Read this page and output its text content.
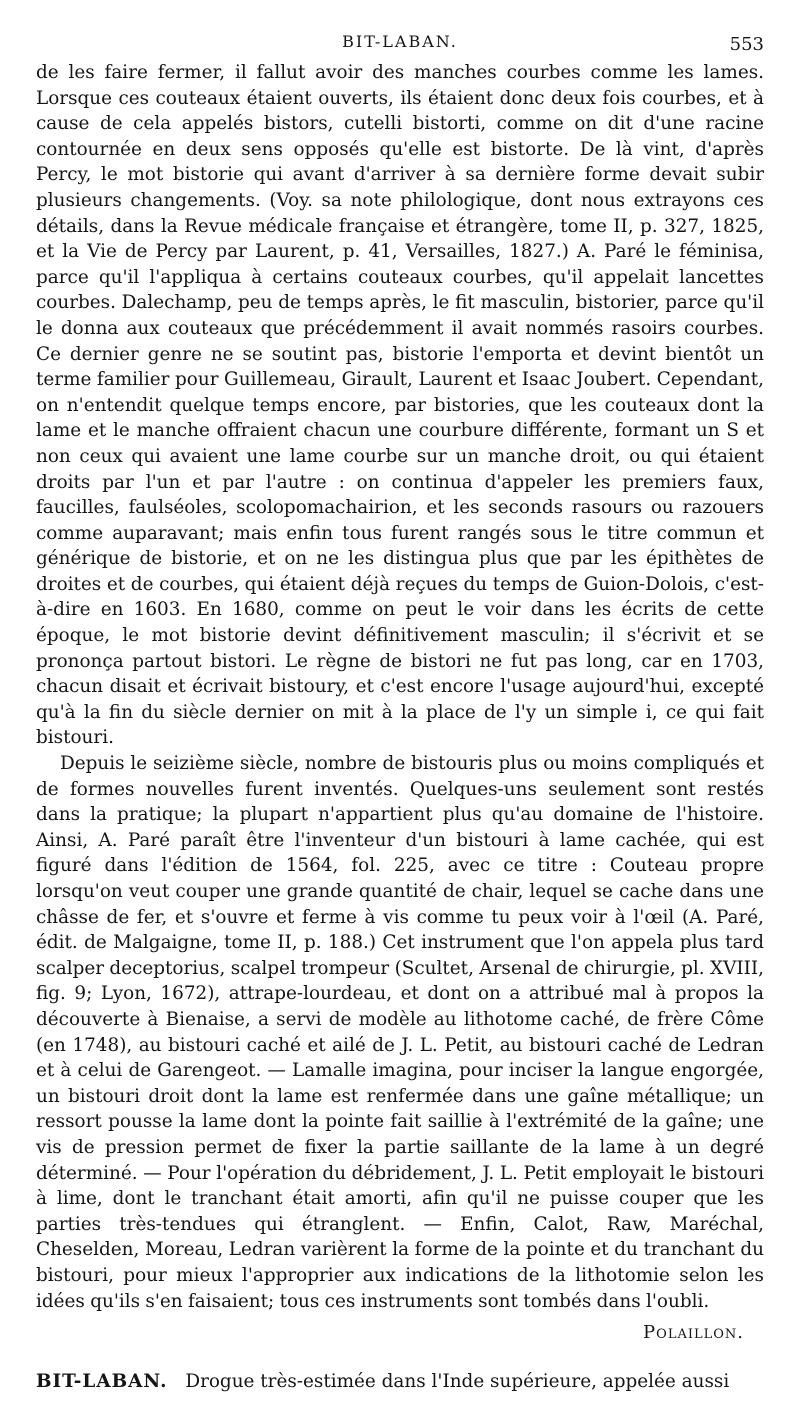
BIT-LABAN.	553

de les faire fermer, il fallut avoir des manches courbes comme les lames. Lorsque ces couteaux étaient ouverts, ils étaient donc deux fois courbes, et à cause de cela appelés bistors, cutelli bistorti, comme on dit d'une racine contournée en deux sens opposés qu'elle est bistorte. De là vint, d'après Percy, le mot bistorie qui avant d'arriver à sa dernière forme devait subir plusieurs changements. (Voy. sa note philologique, dont nous extrayons ces détails, dans la Revue médicale française et étrangère, tome II, p. 327, 1825, et la Vie de Percy par Laurent, p. 41, Versailles, 1827.) A. Paré le féminisa, parce qu'il l'appliqua à certains couteaux courbes, qu'il appelait lancettes courbes. Dalechamp, peu de temps après, le fit masculin, bistorier, parce qu'il le donna aux couteaux que précédemment il avait nommés rasoirs courbes. Ce dernier genre ne se soutint pas, bistorie l'emporta et devint bientôt un terme familier pour Guillemeau, Girault, Laurent et Isaac Joubert. Cependant, on n'entendit quelque temps encore, par bistories, que les couteaux dont la lame et le manche offraient chacun une courbure différente, formant un S et non ceux qui avaient une lame courbe sur un manche droit, ou qui étaient droits par l'un et par l'autre : on continua d'appeler les premiers faux, faucilles, faulséoles, scolopomachairion, et les seconds rasours ou razouers comme auparavant; mais enfin tous furent rangés sous le titre commun et générique de bistorie, et on ne les distingua plus que par les épithètes de droites et de courbes, qui étaient déjà reçues du temps de Guion-Dolois, c'est-à-dire en 1603. En 1680, comme on peut le voir dans les écrits de cette époque, le mot bistorie devint définitivement masculin; il s'écrivit et se prononça partout bistori. Le règne de bistori ne fut pas long, car en 1703, chacun disait et écrivait bistoury, et c'est encore l'usage aujourd'hui, excepté qu'à la fin du siècle dernier on mit à la place de l'y un simple i, ce qui fait bistouri.

Depuis le seizième siècle, nombre de bistouris plus ou moins compliqués et de formes nouvelles furent inventés. Quelques-uns seulement sont restés dans la pratique; la plupart n'appartient plus qu'au domaine de l'histoire. Ainsi, A. Paré paraît être l'inventeur d'un bistouri à lame cachée, qui est figuré dans l'édition de 1564, fol. 225, avec ce titre : Couteau propre lorsqu'on veut couper une grande quantité de chair, lequel se cache dans une châsse de fer, et s'ouvre et ferme à vis comme tu peux voir à l'œil (A. Paré, édit. de Malgaigne, tome II, p. 188.) Cet instrument que l'on appela plus tard scalper deceptorius, scalpel trompeur (Scultet, Arsenal de chirurgie, pl. XVIII, fig. 9; Lyon, 1672), attrape-lourdeau, et dont on a attribué mal à propos la découverte à Bienaise, a servi de modèle au lithotome caché, de frère Côme (en 1748), au bistouri caché et ailé de J. L. Petit, au bistouri caché de Ledran et à celui de Garengeot. — Lamalle imagina, pour inciser la langue engorgée, un bistouri droit dont la lame est renfermée dans une gaîne métallique; un ressort pousse la lame dont la pointe fait saillie à l'extrémité de la gaîne; une vis de pression permet de fixer la partie saillante de la lame à un degré déterminé. — Pour l'opération du débridement, J. L. Petit employait le bistouri à lime, dont le tranchant était amorti, afin qu'il ne puisse couper que les parties très-tendues qui étranglent. — Enfin, Calot, Raw, Maréchal, Cheselden, Moreau, Ledran varièrent la forme de la pointe et du tranchant du bistouri, pour mieux l'approprier aux indications de la lithotomie selon les idées qu'ils s'en faisaient; tous ces instruments sont tombés dans l'oubli.

Polaillon.
BIT-LABAN. Drogue très-estimée dans l'Inde supérieure, appelée aussi
